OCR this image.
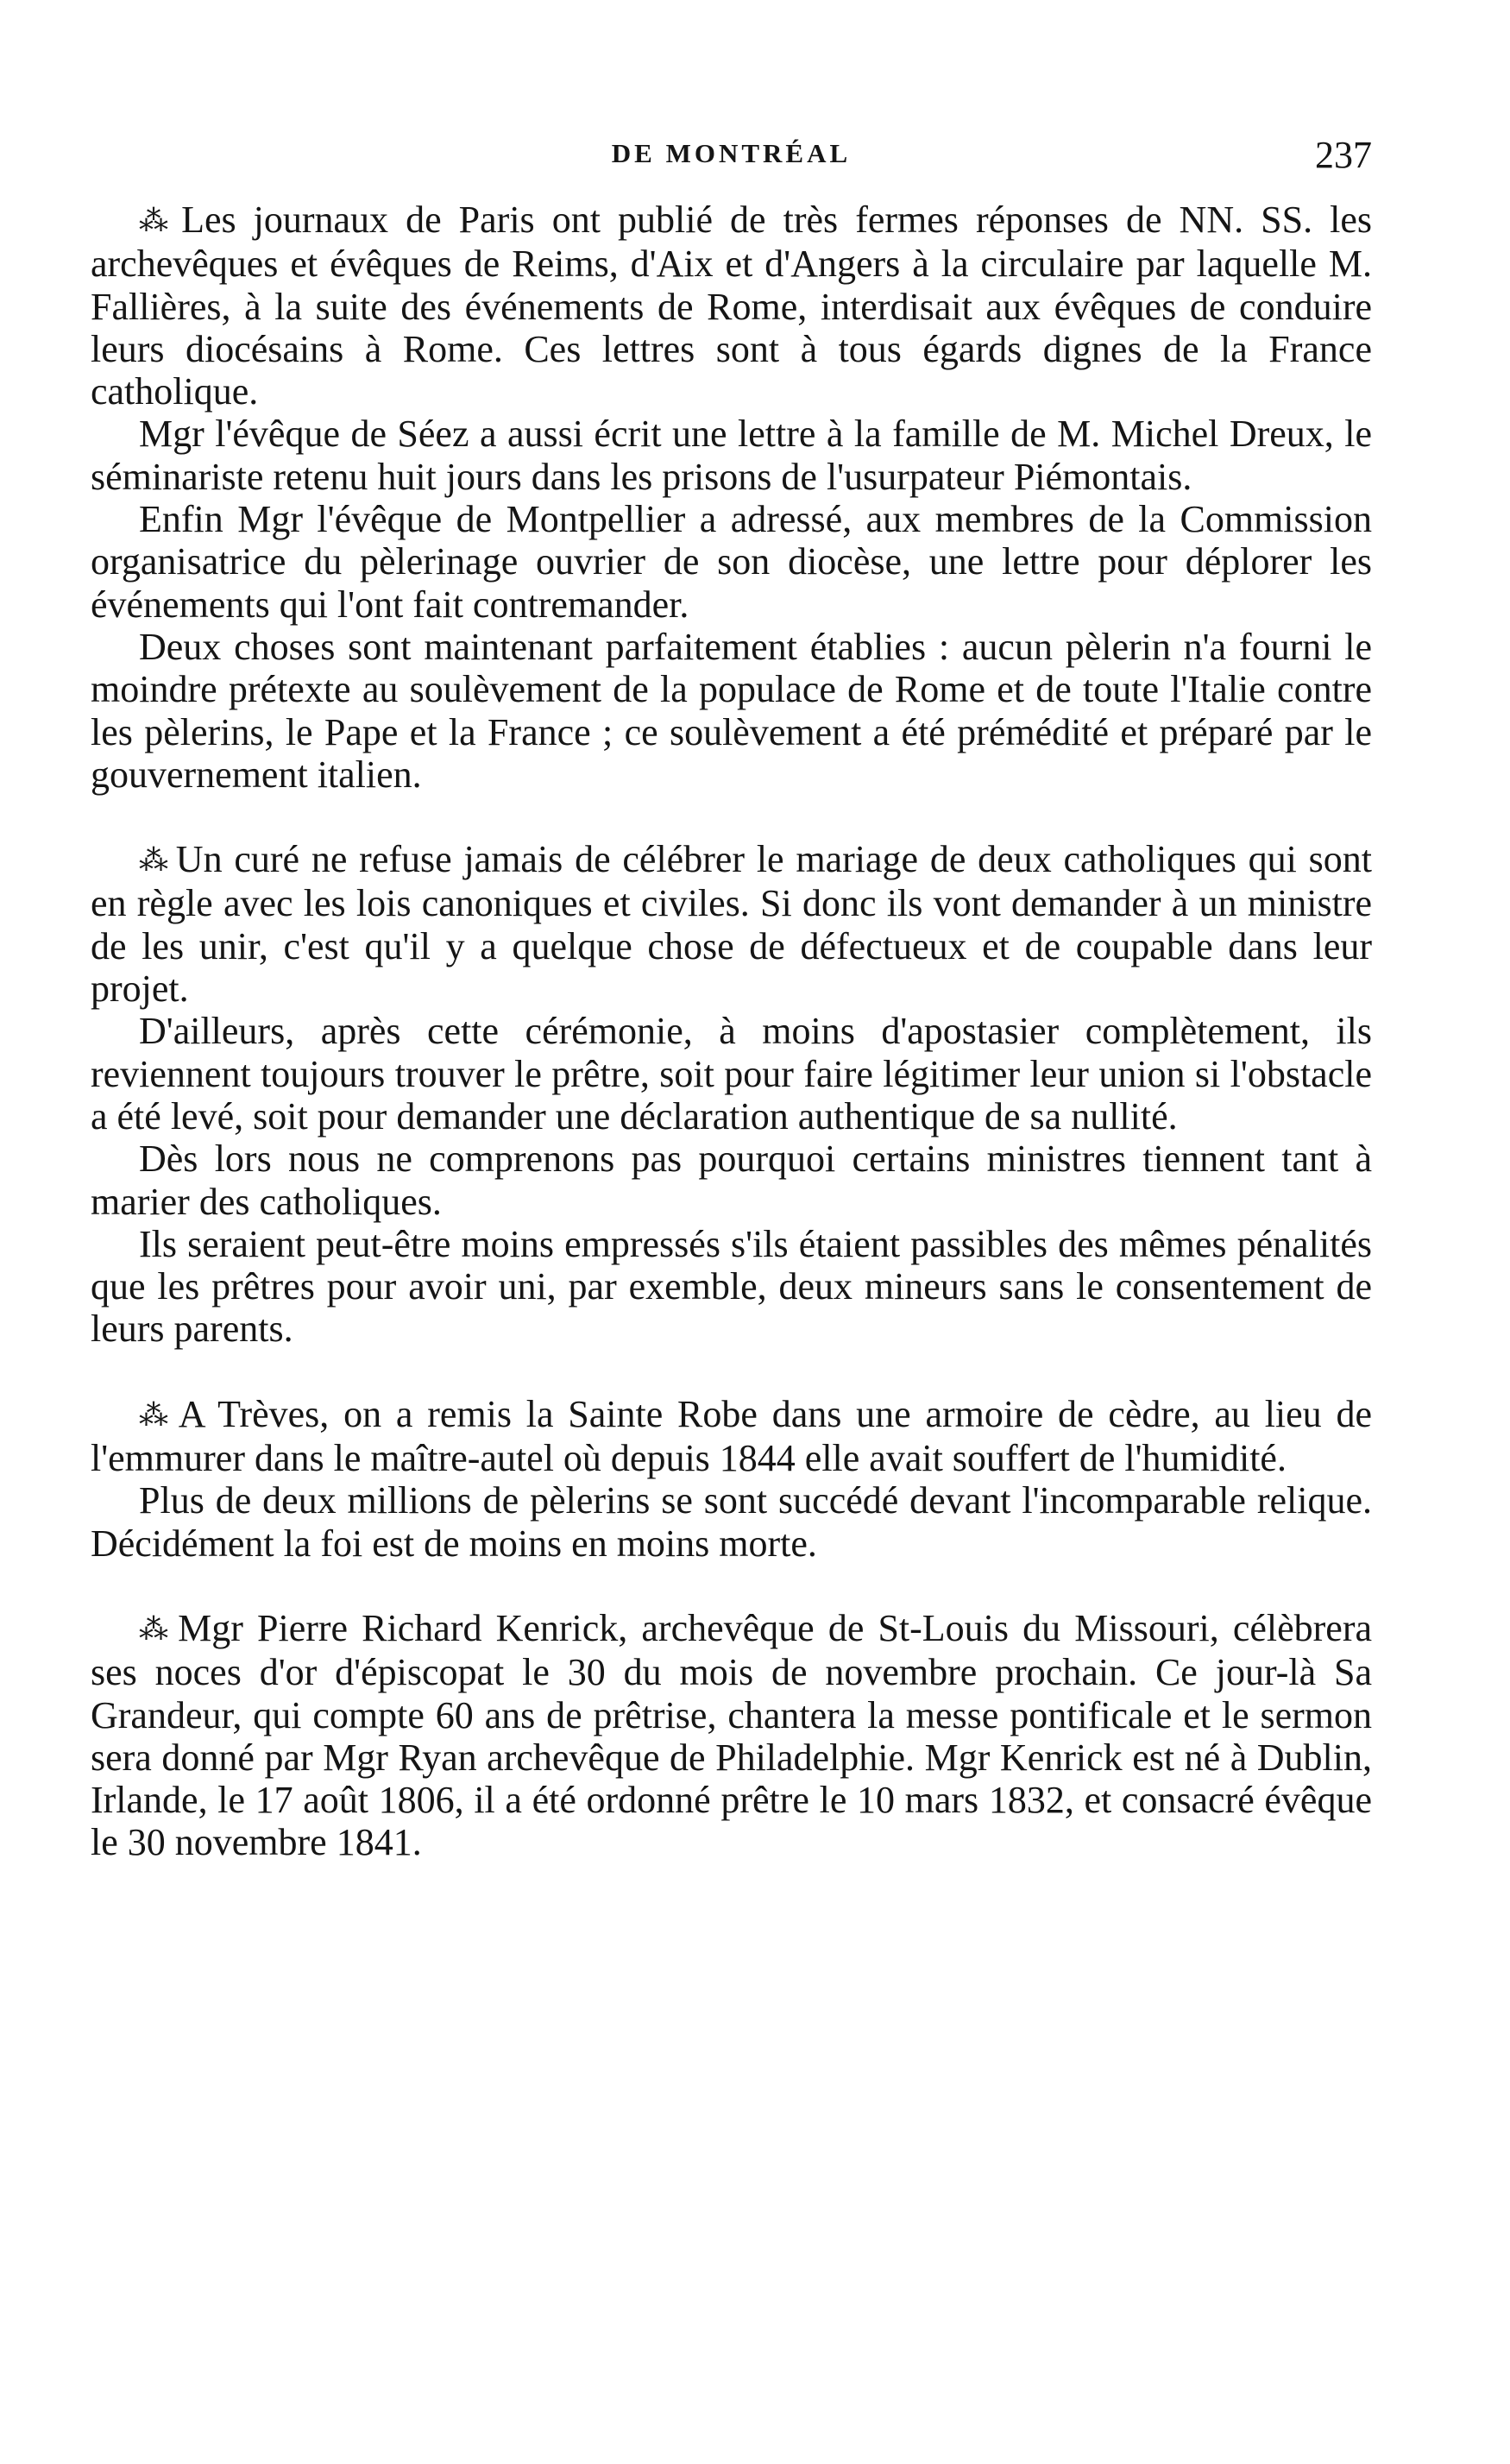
DE MONTRÉAL	237

⁂ Les journaux de Paris ont publié de très fermes réponses de NN. SS. les archevêques et évêques de Reims, d'Aix et d'Angers à la circulaire par laquelle M. Fallières, à la suite des événements de Rome, interdisait aux évêques de conduire leurs diocésains à Rome. Ces lettres sont à tous égards dignes de la France catholique.

Mgr l'évêque de Séez a aussi écrit une lettre à la famille de M. Michel Dreux, le séminariste retenu huit jours dans les prisons de l'usurpateur Piémontais.

Enfin Mgr l'évêque de Montpellier a adressé, aux membres de la Commission organisatrice du pèlerinage ouvrier de son diocèse, une lettre pour déplorer les événements qui l'ont fait contremander.

Deux choses sont maintenant parfaitement établies : aucun pèlerin n'a fourni le moindre prétexte au soulèvement de la populace de Rome et de toute l'Italie contre les pèlerins, le Pape et la France ; ce soulèvement a été prémédité et préparé par le gouvernement italien.

⁂ Un curé ne refuse jamais de célébrer le mariage de deux catholiques qui sont en règle avec les lois canoniques et civiles. Si donc ils vont demander à un ministre de les unir, c'est qu'il y a quelque chose de défectueux et de coupable dans leur projet.

D'ailleurs, après cette cérémonie, à moins d'apostasier complètement, ils reviennent toujours trouver le prêtre, soit pour faire légitimer leur union si l'obstacle a été levé, soit pour demander une déclaration authentique de sa nullité.

Dès lors nous ne comprenons pas pourquoi certains ministres tiennent tant à marier des catholiques.

Ils seraient peut-être moins empressés s'ils étaient passibles des mêmes pénalités que les prêtres pour avoir uni, par exemble, deux mineurs sans le consentement de leurs parents.

⁂ A Trèves, on a remis la Sainte Robe dans une armoire de cèdre, au lieu de l'emmurer dans le maître-autel où depuis 1844 elle avait souffert de l'humidité.

Plus de deux millions de pèlerins se sont succédé devant l'incomparable relique. Décidément la foi est de moins en moins morte.

⁂ Mgr Pierre Richard Kenrick, archevêque de St-Louis du Missouri, célèbrera ses noces d'or d'épiscopat le 30 du mois de novembre prochain. Ce jour-là Sa Grandeur, qui compte 60 ans de prêtrise, chantera la messe pontificale et le sermon sera donné par Mgr Ryan archevêque de Philadelphie. Mgr Kenrick est né à Dublin, Irlande, le 17 août 1806, il a été ordonné prêtre le 10 mars 1832, et consacré évêque le 30 novembre 1841.
